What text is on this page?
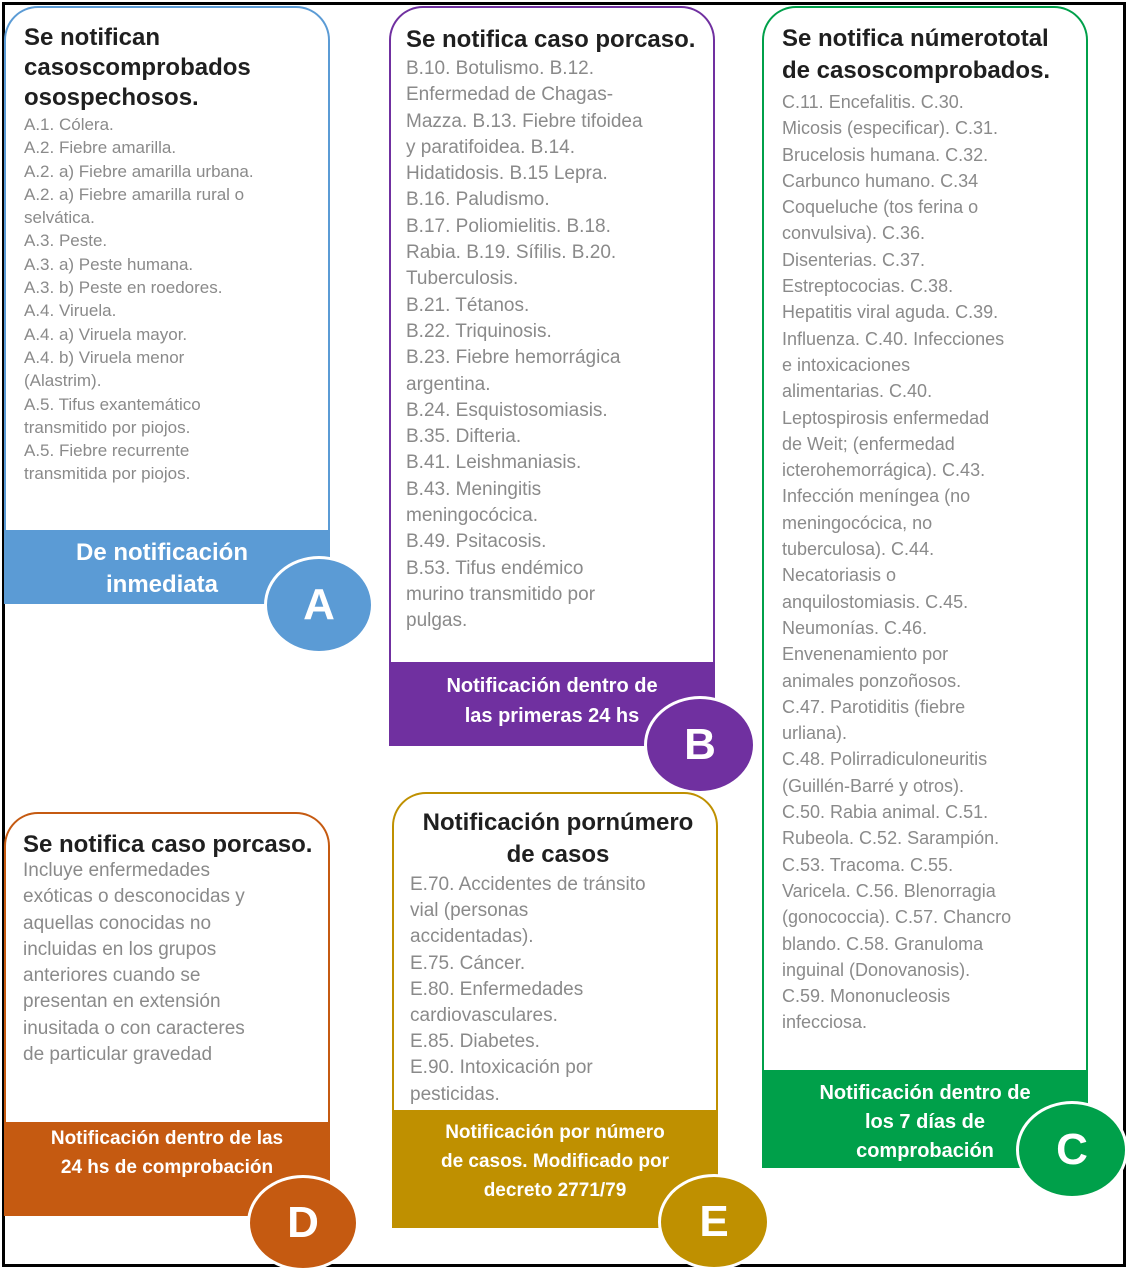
Se notifican casoscomprobados osospechosos.
A.1. Cólera.
A.2. Fiebre amarilla.
A.2. a) Fiebre amarilla urbana.
A.2. a) Fiebre amarilla rural o
selvática.
A.3. Peste.
A.3. a) Peste humana.
A.3. b) Peste en roedores.
A.4. Viruela.
A.4. a) Viruela mayor.
A.4. b) Viruela menor
(Alastrim).
A.5. Tifus exantemático
transmitido por piojos.
A.5. Fiebre recurrente
transmitida por piojos.
De notificación
inmediata	A
Se notifica caso porcaso.
B.10. Botulismo. B.12.
Enfermedad de Chagas-
Mazza. B.13. Fiebre tifoidea
y paratifoidea. B.14.
Hidatidosis. B.15 Lepra.
B.16. Paludismo.
B.17. Poliomielitis. B.18.
Rabia. B.19. Sífilis. B.20.
Tuberculosis.
B.21. Tétanos.
B.22. Triquinosis.
B.23. Fiebre hemorrágica
argentina.
B.24. Esquistosomiasis.
B.35. Difteria.
B.41. Leishmaniasis.
B.43. Meningitis
meningocócica.
B.49. Psitacosis.
B.53. Tifus endémico
murino transmitido por
pulgas.
Notificación dentro de
las primeras 24 hs
B
Se notifica númerototal de casoscomprobados.
C.11. Encefalitis. C.30.
Micosis (especificar). C.31.
Brucelosis humana. C.32.
Carbunco humano. C.34
Coqueluche (tos ferina o
convulsiva). C.36.
Disenterias. C.37.
Estreptococias. C.38.
Hepatitis viral aguda. C.39.
Influenza. C.40. Infecciones
e intoxicaciones
alimentarias. C.40.
Leptospirosis enfermedad
de Weit; (enfermedad
icterohemorrágica). C.43.
Infección meníngea (no
meningocócica, no
tuberculosa). C.44.
Necatoriasis o
anquilostomiasis. C.45.
Neumonías. C.46.
Envenenamiento por
animales ponzoñosos.
C.47. Parotiditis (fiebre
urliana).
C.48. Polirradiculoneuritis
(Guillén-Barré y otros).
C.50. Rabia animal. C.51.
Rubeola. C.52. Sarampión.
C.53. Tracoma. C.55.
Varicela. C.56. Blenorragia
(gonococcia). C.57. Chancro
blando. C.58. Granuloma
inguinal (Donovanosis).
C.59. Mononucleosis
infecciosa.
Notificación dentro de
los 7 días de
comprobación	C
Se notifica caso porcaso.
Incluye enfermedades
exóticas o desconocidas y
aquellas conocidas no
incluidas en los grupos
anteriores cuando se
presentan en extensión
inusitada o con caracteres
de particular gravedad
Notificación dentro de las
24 hs de comprobación
D
Notificación pornúmero de casos
E.70. Accidentes de tránsito
vial (personas
accidentadas).
E.75. Cáncer.
E.80. Enfermedades
cardiovasculares.
E.85. Diabetes.
E.90. Intoxicación por
pesticidas.
Notificación por número
de casos. Modificado por
decreto 2771/79
E
